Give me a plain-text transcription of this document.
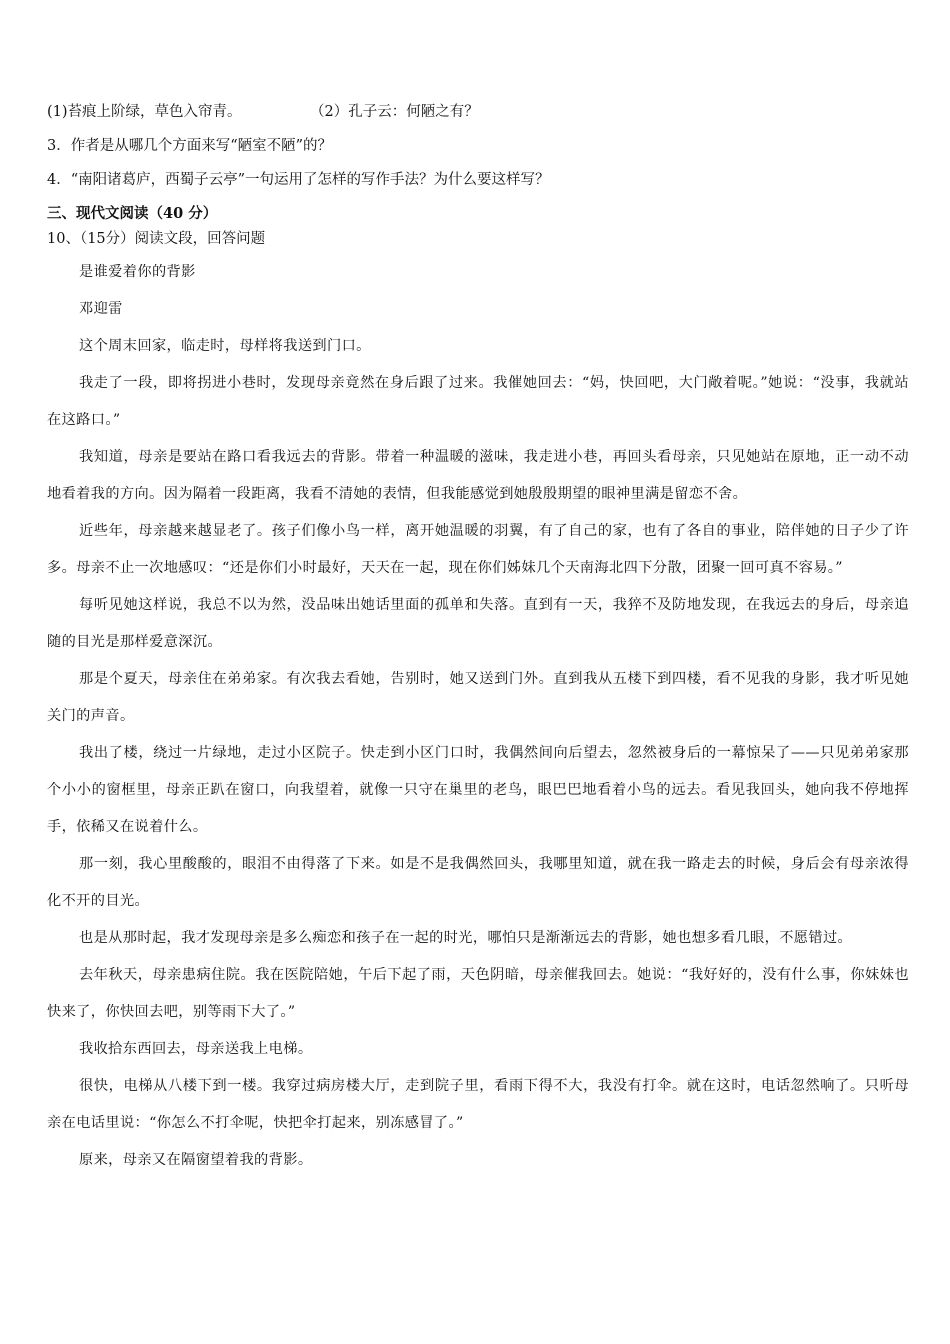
(1)苔痕上阶绿，草色入帘青。	（2）孔子云：何陋之有？
3．作者是从哪几个方面来写“陋室不陋”的？
4．“南阳诸葛庐，西蜀子云亭”一句运用了怎样的写作手法？为什么要这样写？
三、现代文阅读（40 分）
10、（15分）阅读文段，回答问题

是谁爱着你的背影

邓迎雷

这个周末回家，临走时，母样将我送到门口。

我走了一段，即将拐进小巷时，发现母亲竟然在身后跟了过来。我催她回去：“妈，快回吧，大门敞着呢。”她说：“没事，我就站在这路口。”

我知道，母亲是要站在路口看我远去的背影。带着一种温暖的滋味，我走进小巷，再回头看母亲，只见她站在原地，正一动不动地看着我的方向。因为隔着一段距离，我看不清她的表情，但我能感觉到她殷殷期望的眼神里满是留恋不舍。

近些年，母亲越来越显老了。孩子们像小鸟一样，离开她温暖的羽翼，有了自己的家，也有了各自的事业，陪伴她的日子少了许多。母亲不止一次地感叹：“还是你们小时最好，天天在一起，现在你们姊妹几个天南海北四下分散，团聚一回可真不容易。”

每听见她这样说，我总不以为然，没品味出她话里面的孤单和失落。直到有一天，我猝不及防地发现，在我远去的身后，母亲追随的目光是那样爱意深沉。

那是个夏天，母亲住在弟弟家。有次我去看她，告别时，她又送到门外。直到我从五楼下到四楼，看不见我的身影，我才听见她关门的声音。

我出了楼，绕过一片绿地，走过小区院子。快走到小区门口时，我偶然间向后望去，忽然被身后的一幕惊呆了——只见弟弟家那个小小的窗框里，母亲正趴在窗口，向我望着，就像一只守在巢里的老鸟，眼巴巴地看着小鸟的远去。看见我回头，她向我不停地挥手，依稀又在说着什么。

那一刻，我心里酸酸的，眼泪不由得落了下来。如是不是我偶然回头，我哪里知道，就在我一路走去的时候，身后会有母亲浓得化不开的目光。

也是从那时起，我才发现母亲是多么痴恋和孩子在一起的时光，哪怕只是渐渐远去的背影，她也想多看几眼，不愿错过。

去年秋天，母亲患病住院。我在医院陪她，午后下起了雨，天色阴暗，母亲催我回去。她说：“我好好的，没有什么事，你妹妹也快来了，你快回去吧，别等雨下大了。”

我收拾东西回去，母亲送我上电梯。

很快，电梯从八楼下到一楼。我穿过病房楼大厅，走到院子里，看雨下得不大，我没有打伞。就在这时，电话忽然响了。只听母亲在电话里说：“你怎么不打伞呢，快把伞打起来，别冻感冒了。”

原来，母亲又在隔窗望着我的背影。
